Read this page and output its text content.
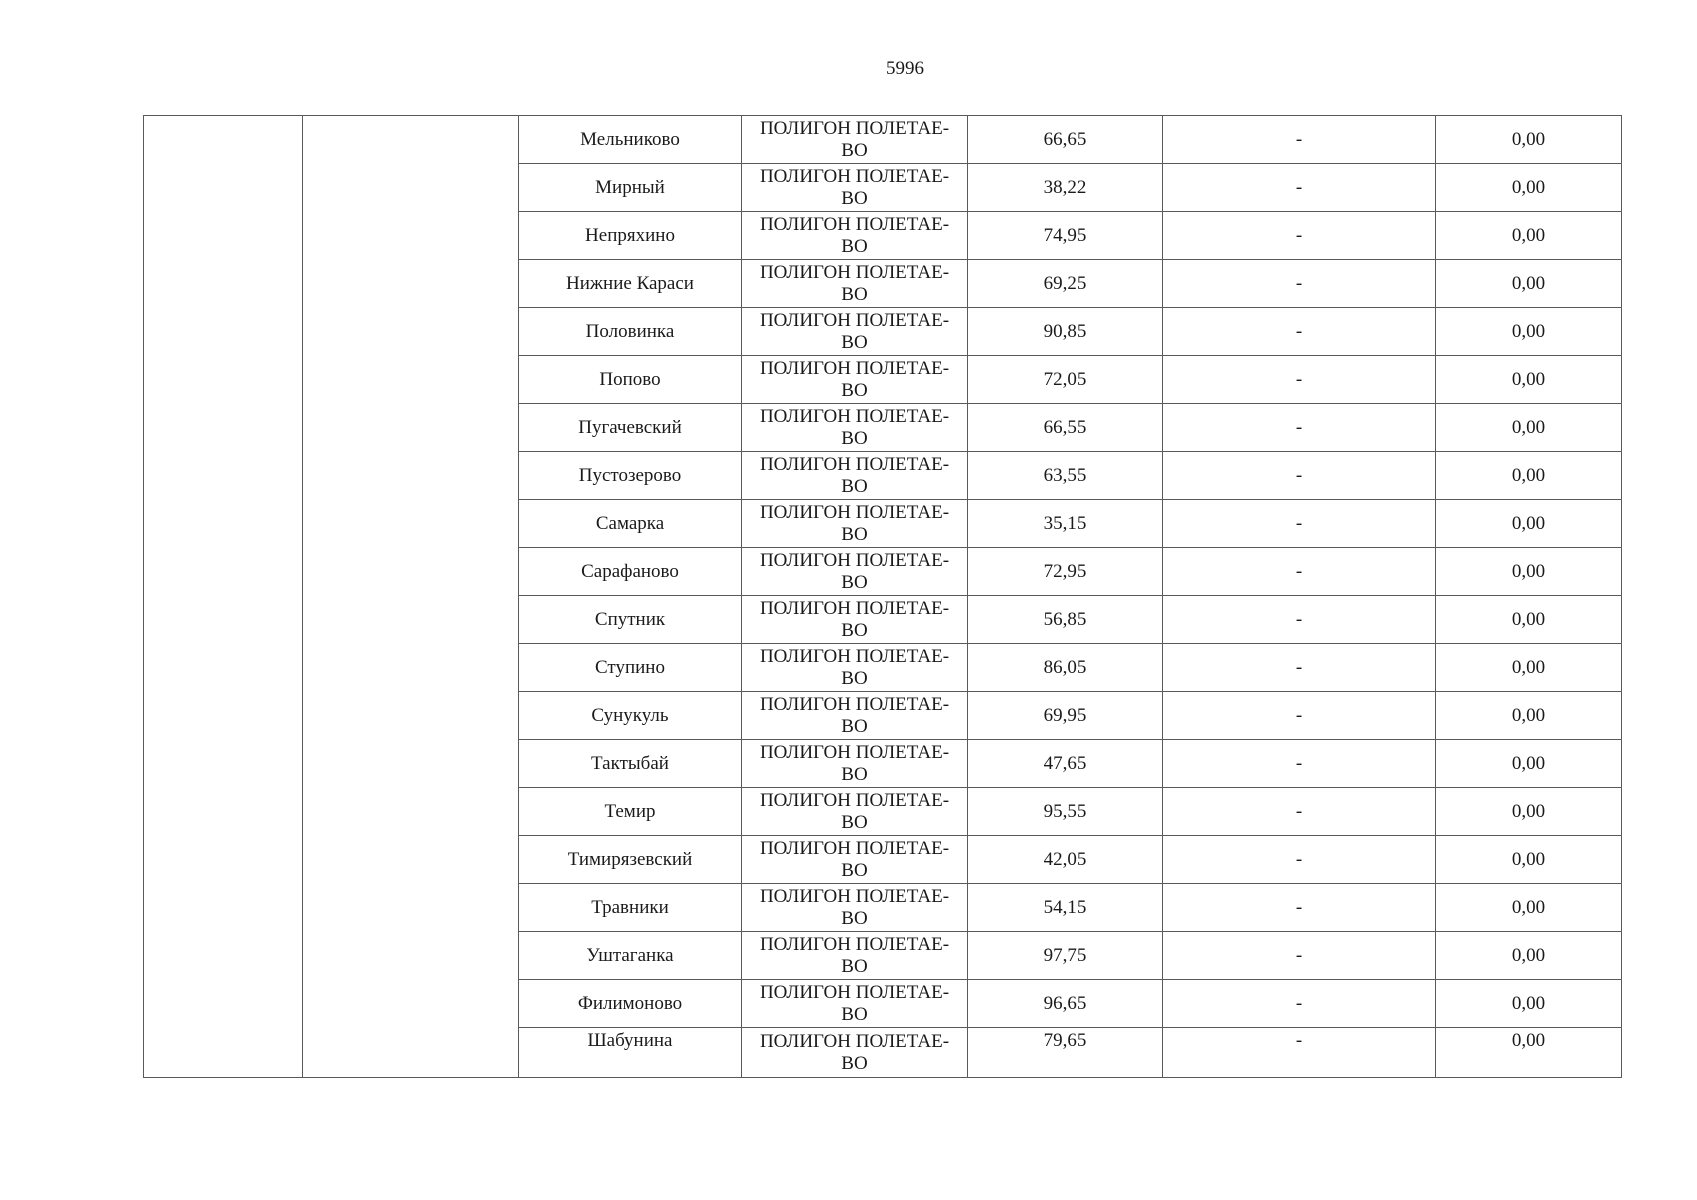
5996
		Мельниково	ПОЛИГОН ПОЛЕТАЕ-
ВО	66,65	-	0,00
		Мирный	ПОЛИГОН ПОЛЕТАЕ-
ВО	38,22	-	0,00
		Непряхино	ПОЛИГОН ПОЛЕТАЕ-
ВО	74,95	-	0,00
		Нижние Караси	ПОЛИГОН ПОЛЕТАЕ-
ВО	69,25	-	0,00
		Половинка	ПОЛИГОН ПОЛЕТАЕ-
ВО	90,85	-	0,00
		Попово	ПОЛИГОН ПОЛЕТАЕ-
ВО	72,05	-	0,00
		Пугачевский	ПОЛИГОН ПОЛЕТАЕ-
ВО	66,55	-	0,00
		Пустозерово	ПОЛИГОН ПОЛЕТАЕ-
ВО	63,55	-	0,00
		Самарка	ПОЛИГОН ПОЛЕТАЕ-
ВО	35,15	-	0,00
		Сарафаново	ПОЛИГОН ПОЛЕТАЕ-
ВО	72,95	-	0,00
		Спутник	ПОЛИГОН ПОЛЕТАЕ-
ВО	56,85	-	0,00
		Ступино	ПОЛИГОН ПОЛЕТАЕ-
ВО	86,05	-	0,00
		Сунукуль	ПОЛИГОН ПОЛЕТАЕ-
ВО	69,95	-	0,00
		Тактыбай	ПОЛИГОН ПОЛЕТАЕ-
ВО	47,65	-	0,00
		Темир	ПОЛИГОН ПОЛЕТАЕ-
ВО	95,55	-	0,00
		Тимирязевский	ПОЛИГОН ПОЛЕТАЕ-
ВО	42,05	-	0,00
		Травники	ПОЛИГОН ПОЛЕТАЕ-
ВО	54,15	-	0,00
		Уштаганка	ПОЛИГОН ПОЛЕТАЕ-
ВО	97,75	-	0,00
		Филимоново	ПОЛИГОН ПОЛЕТАЕ-
ВО	96,65	-	0,00
		Шабунина	ПОЛИГОН ПОЛЕТАЕ-
ВО	79,65	-	0,00
